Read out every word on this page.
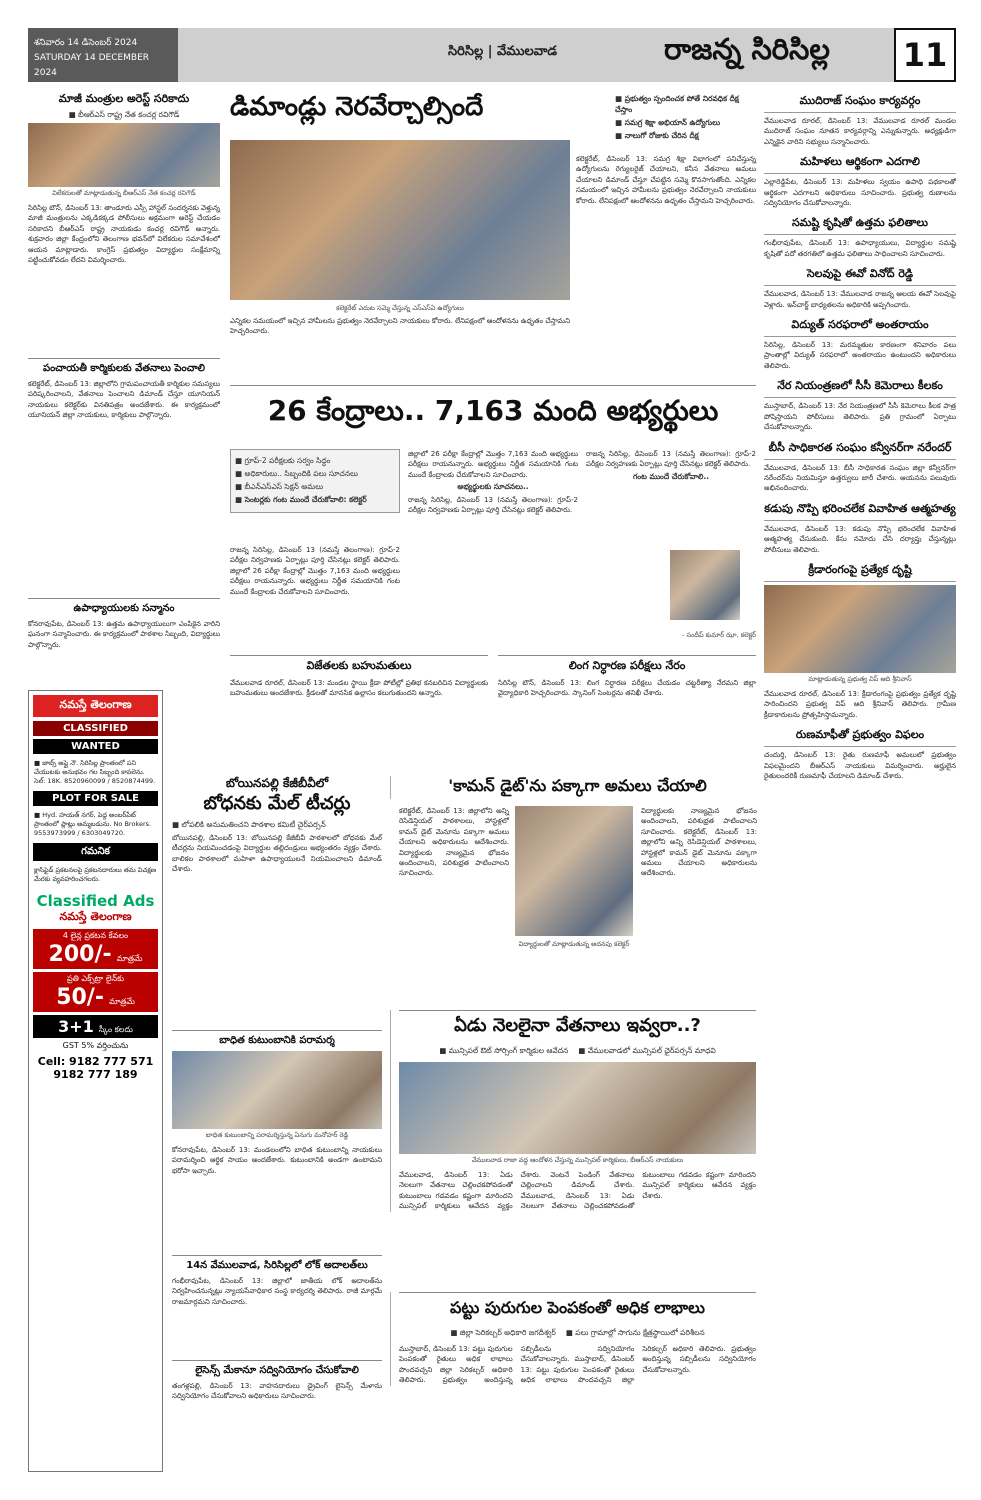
శనివారం 14 డిసెంబర్ 2024
SATURDAY 14 DECEMBER 2024
సిరిసిల్ల | వేములవాడ	రాజన్న సిరిసిల్ల 11
మాజీ మంత్రుల అరెస్ట్ సరికాదు
■ బీఆర్ఎస్ రాష్ట్ర నేత కంచర్ల రవిగౌడ్
విలేకరులతో మాట్లాడుతున్న బీఆర్ఎస్ నేత కంచర్ల రవిగౌడ్
సిరిసిల్ల టౌన్, డిసెంబర్ 13: తాండూరు ఎస్సీ హాస్టల్ సందర్శనకు వెళ్తున్న మాజీ మంత్రులను ఎక్కడికక్కడ పోలీసులు అక్రమంగా అరెస్ట్ చేయడం సరికాదని బీఆర్ఎస్ రాష్ట్ర నాయకుడు కంచర్ల రవిగౌడ్ అన్నారు.శుక్రవారం జిల్లా కేంద్రంలోని తెలంగాణ భవన్‌లో విలేకరుల సమావేశంలో ఆయన మాట్లాడారు. కాంగ్రెస్ ప్రభుత్వం విద్యార్థుల సంక్షేమాన్ని పట్టించుకోవడం లేదని విమర్శించారు.
పంచాయతీ కార్మికులకు వేతనాలు పెంచాలి
కలెక్టరేట్, డిసెంబర్ 13: జిల్లాలోని గ్రామపంచాయతీ కార్మికుల సమస్యలు పరిష్కరించాలని, వేతనాలు పెంచాలని డిమాండ్ చేస్తూ యూనియన్ నాయకులు కలెక్టర్‌కు వినతిపత్రం అందజేశారు. ఈ కార్యక్రమంలో యూనియన్ జిల్లా నాయకులు, కార్మికులు పాల్గొన్నారు.
ఉపాధ్యాయులకు సన్మానం
కోనరావుపేట, డిసెంబర్ 13: ఉత్తమ ఉపాధ్యాయులుగా ఎంపికైన వారిని ఘనంగా సన్మానించారు. ఈ కార్యక్రమంలో పాఠశాల సిబ్బంది, విద్యార్థులు పాల్గొన్నారు.
డిమాండ్లు నెరవేర్చాల్సిందే	■ ప్రభుత్వం స్పందించక పోతే నిరవధిక దీక్ష చేస్తాం
■ సమగ్ర శిక్షా అభియాన్ ఉద్యోగులు
■ నాలుగో రోజుకు చేరిన దీక్ష
కలెక్టరేట్ ఎదుట సమ్మె చేస్తున్న ఎస్ఎస్ఏ ఉద్యోగులు
కలెక్టరేట్, డిసెంబర్ 13: సమగ్ర శిక్షా విభాగంలో పనిచేస్తున్న ఉద్యోగులను రెగ్యులరైజ్ చేయాలని, కనీస వేతనాలు అమలు చేయాలని డిమాండ్ చేస్తూ చేపట్టిన సమ్మె కొనసాగుతోంది. ఎన్నికల సమయంలో ఇచ్చిన హామీలను ప్రభుత్వం నెరవేర్చాలని నాయకులు కోరారు. లేనిపక్షంలో ఆందోళనను ఉధృతం చేస్తామని హెచ్చరించారు.
ఎన్నికల సమయంలో ఇచ్చిన హామీలను ప్రభుత్వం నెరవేర్చాలని నాయకులు కోరారు. లేనిపక్షంలో ఆందోళనను ఉధృతం చేస్తామని హెచ్చరించారు.
26 కేంద్రాలు.. 7,163 మంది అభ్యర్థులు
■ గ్రూప్-2 పరీక్షలకు సర్వం సిద్ధం
■ అధికారులు.. సిబ్బందికి పలు సూచనలు
■ బీఎన్ఎస్ఎస్ సెక్షన్ అమలు
■ సెంటర్లకు గంట ముందే చేరుకోవాలి: కలెక్టర్
రాజన్న సిరిసిల్ల, డిసెంబర్ 13 (నమస్తే తెలంగాణ): గ్రూప్-2 పరీక్షల నిర్వహణకు ఏర్పాట్లు పూర్తి చేసినట్లు కలెక్టర్ తెలిపారు.జిల్లాలో 26 పరీక్షా కేంద్రాల్లో మొత్తం 7,163 మంది అభ్యర్థులు పరీక్షలు రాయనున్నారు. అభ్యర్థులు నిర్ణీత సమయానికి గంట ముందే కేంద్రాలకు చేరుకోవాలని సూచించారు.
జిల్లాలో 26 పరీక్షా కేంద్రాల్లో మొత్తం 7,163 మంది అభ్యర్థులు పరీక్షలు రాయనున్నారు. అభ్యర్థులు నిర్ణీత సమయానికి గంట ముందే కేంద్రాలకు చేరుకోవాలని సూచించారు.
అభ్యర్థులకు సూచనలు..
రాజన్న సిరిసిల్ల, డిసెంబర్ 13 (నమస్తే తెలంగాణ): గ్రూప్-2 పరీక్షల నిర్వహణకు ఏర్పాట్లు పూర్తి చేసినట్లు కలెక్టర్ తెలిపారు.
రాజన్న సిరిసిల్ల, డిసెంబర్ 13 (నమస్తే తెలంగాణ): గ్రూప్-2 పరీక్షల నిర్వహణకు ఏర్పాట్లు పూర్తి చేసినట్లు కలెక్టర్ తెలిపారు.
గంట ముందే చేరుకోవాలి..
- సందీప్ కుమార్ ఝా, కలెక్టర్
విజేతలకు బహుమతులు
వేములవాడ రూరల్, డిసెంబర్ 13: మండల స్థాయి క్రీడా పోటీల్లో ప్రతిభ కనబరిచిన విద్యార్థులకు బహుమతులు అందజేశారు. క్రీడలతో మానసిక ఉల్లాసం కలుగుతుందని అన్నారు.
లింగ నిర్ధారణ పరీక్షలు నేరం
సిరిసిల్ల టౌన్, డిసెంబర్ 13: లింగ నిర్ధారణ పరీక్షలు చేయడం చట్టరీత్యా నేరమని జిల్లా వైద్యాధికారి హెచ్చరించారు. స్కానింగ్ సెంటర్లను తనిఖీ చేశారు.
నమస్తే తెలంగాణ
CLASSIFIED
WANTED
■ జాబ్స్ అప్లై నౌ. సిరిసిల్ల ప్రాంతంలో పని చేయుటకు అనుభవం గల సిబ్బంది కావలెను. సెల్: 18K. 8520960099 / 8520874499.
PLOT FOR SALE
■ Hyd. హయత్ నగర్, పెద్ద అంబర్‌పేట్ ప్రాంతంలో ప్లాట్లు అమ్మబడును. No Brokers. 9553973999 / 6303049720.
గమనిక
క్లాసిఫైడ్ ప్రకటనలపై ప్రకటనదారులు తమ విచక్షణ మేరకు వ్యవహరించగలరు.
Classified Ads
నమస్తే తెలంగాణ
4 లైన్ల ప్రకటన కేవలం
200/- మాత్రమే
ప్రతి ఎక్స్‌ట్రా లైన్‌కు
50/- మాత్రమే
3+1 స్కీం కలదు
GST 5% వర్తించును
Cell: 9182 777 571
9182 777 189
బోయినపల్లి కేజీబీవీలో
బోధనకు మేల్ టీచర్లు
■ లోపలికి అనుమతించని పాఠశాల కమిటీ చైర్‌పర్సన్
బోయినపల్లి, డిసెంబర్ 13: బోయినపల్లి కేజీబీవీ పాఠశాలలో బోధనకు మేల్ టీచర్లను నియమించడంపై విద్యార్థుల తల్లిదండ్రులు అభ్యంతరం వ్యక్తం చేశారు.బాలికల పాఠశాలలో మహిళా ఉపాధ్యాయులనే నియమించాలని డిమాండ్ చేశారు.
బాధిత కుటుంబానికి పరామర్శ
బాధిత కుటుంబాన్ని పరామర్శిస్తున్న ఏనుగు మనోహర్ రెడ్డి
కోనరావుపేట, డిసెంబర్ 13: మండలంలోని బాధిత కుటుంబాన్ని నాయకులు పరామర్శించి ఆర్థిక సాయం అందజేశారు. కుటుంబానికి అండగా ఉంటామని భరోసా ఇచ్చారు.
14న వేములవాడ, సిరిసిల్లలో లోక్ అదాలత్‌లు
గంభీరావుపేట, డిసెంబర్ 13: జిల్లాలో జాతీయ లోక్ అదాలత్‌ను నిర్వహించనున్నట్లు న్యాయసేవాధికార సంస్థ కార్యదర్శి తెలిపారు. రాజీ మార్గమే రాజమార్గమని సూచించారు.
లైసెన్స్ మేకానూ సద్వినియోగం చేసుకోవాలి
తంగళ్లపల్లి, డిసెంబర్ 13: వాహనదారులు డ్రైవింగ్ లైసెన్స్ మేళాను సద్వినియోగం చేసుకోవాలని అధికారులు సూచించారు.
'కామన్ డైట్'ను పక్కాగా అమలు చేయాలి
కలెక్టరేట్, డిసెంబర్ 13: జిల్లాలోని అన్ని రెసిడెన్షియల్ పాఠశాలలు, హాస్టళ్లలో కామన్ డైట్ మెనూను పక్కాగా అమలు చేయాలని అధికారులను ఆదేశించారు.విద్యార్థులకు నాణ్యమైన భోజనం అందించాలని, పరిశుభ్రత పాటించాలని సూచించారు.
విద్యార్థులతో మాట్లాడుతున్న అదనపు కలెక్టర్
విద్యార్థులకు నాణ్యమైన భోజనం అందించాలని, పరిశుభ్రత పాటించాలని సూచించారు. కలెక్టరేట్, డిసెంబర్ 13: జిల్లాలోని అన్ని రెసిడెన్షియల్ పాఠశాలలు, హాస్టళ్లలో కామన్ డైట్ మెనూను పక్కాగా అమలు చేయాలని అధికారులను ఆదేశించారు.
ఏడు నెలలైనా వేతనాలు ఇవ్వరా..?
■ మున్సిపల్ ఔట్ సోర్సింగ్ కార్మికుల ఆవేదన ■ వేములవాడలో మున్సిపల్ ఛైర్‌పర్సన్ మాధవి
వేములవాడ రాజా వద్ద ఆందోళన చేస్తున్న మున్సిపల్ కార్మికులు, బీఆర్ఎస్ నాయకులు
వేములవాడ, డిసెంబర్ 13: ఏడు నెలలుగా వేతనాలు చెల్లించకపోవడంతో కుటుంబాలు గడవడం కష్టంగా మారిందని మున్సిపల్ కార్మికులు ఆవేదన వ్యక్తం చేశారు. వెంటనే పెండింగ్ వేతనాలు చెల్లించాలని డిమాండ్ చేశారు.వేములవాడ, డిసెంబర్ 13: ఏడు నెలలుగా వేతనాలు చెల్లించకపోవడంతో కుటుంబాలు గడవడం కష్టంగా మారిందని మున్సిపల్ కార్మికులు ఆవేదన వ్యక్తం చేశారు.
పట్టు పురుగుల పెంపకంతో అధిక లాభాలు
■ జిల్లా సెరికల్చర్ అధికారి జగదీశ్వర్ ■ పలు గ్రామాల్లో సాగును క్షేత్రస్థాయిలో పరిశీలన
ముస్తాబాద్, డిసెంబర్ 13: పట్టు పురుగుల పెంపకంతో రైతులు అధిక లాభాలు పొందవచ్చని జిల్లా సెరికల్చర్ అధికారి తెలిపారు. ప్రభుత్వం అందిస్తున్న సబ్సిడీలను సద్వినియోగం చేసుకోవాలన్నారు. ముస్తాబాద్, డిసెంబర్ 13: పట్టు పురుగుల పెంపకంతో రైతులు అధిక లాభాలు పొందవచ్చని జిల్లా సెరికల్చర్ అధికారి తెలిపారు. ప్రభుత్వం అందిస్తున్న సబ్సిడీలను సద్వినియోగం చేసుకోవాలన్నారు.
ముదిరాజ్ సంఘం కార్యవర్గం
వేములవాడ రూరల్, డిసెంబర్ 13: వేములవాడ రూరల్ మండల ముదిరాజ్ సంఘం నూతన కార్యవర్గాన్ని ఎన్నుకున్నారు. అధ్యక్షుడిగా ఎన్నికైన వారిని సభ్యులు సన్మానించారు.
మహిళలు ఆర్థికంగా ఎదగాలి
ఎల్లారెడ్డిపేట, డిసెంబర్ 13: మహిళలు స్వయం ఉపాధి పథకాలతో ఆర్థికంగా ఎదగాలని అధికారులు సూచించారు. ప్రభుత్వ రుణాలను సద్వినియోగం చేసుకోవాలన్నారు.
సమష్టి కృషితో ఉత్తమ ఫలితాలు
గంభీరావుపేట, డిసెంబర్ 13: ఉపాధ్యాయులు, విద్యార్థుల సమష్టి కృషితో పదో తరగతిలో ఉత్తమ ఫలితాలు సాధించాలని సూచించారు.
సెలవుపై ఈవో వినోద్ రెడ్డి
వేములవాడ, డిసెంబర్ 13: వేములవాడ రాజన్న ఆలయ ఈవో సెలవుపై వెళ్లారు. ఇన్‌చార్జ్ బాధ్యతలను అధికారికి అప్పగించారు.
విద్యుత్ సరఫరాలో అంతరాయం
సిరిసిల్ల, డిసెంబర్ 13: మరమ్మతుల కారణంగా శనివారం పలు ప్రాంతాల్లో విద్యుత్ సరఫరాలో అంతరాయం ఉంటుందని అధికారులు తెలిపారు.
నేర నియంత్రణలో సీసీ కెమెరాలు కీలకం
ముస్తాబాద్, డిసెంబర్ 13: నేర నియంత్రణలో సీసీ కెమెరాలు కీలక పాత్ర పోషిస్తాయని పోలీసులు తెలిపారు. ప్రతి గ్రామంలో ఏర్పాటు చేసుకోవాలన్నారు.
బీసీ సాధికారత సంఘం కన్వీనర్‌గా నరేందర్
వేములవాడ, డిసెంబర్ 13: బీసీ సాధికారత సంఘం జిల్లా కన్వీనర్‌గా నరేందర్‌ను నియమిస్తూ ఉత్తర్వులు జారీ చేశారు. ఆయనను పలువురు అభినందించారు.
కడుపు నొప్పి భరించలేక వివాహిత ఆత్మహత్య
వేములవాడ, డిసెంబర్ 13: కడుపు నొప్పి భరించలేక వివాహిత ఆత్మహత్య చేసుకుంది. కేసు నమోదు చేసి దర్యాప్తు చేస్తున్నట్లు పోలీసులు తెలిపారు.
క్రీడారంగంపై ప్రత్యేక దృష్టి
మాట్లాడుతున్న ప్రభుత్వ విప్ ఆది శ్రీనివాస్
వేములవాడ రూరల్, డిసెంబర్ 13: క్రీడారంగంపై ప్రభుత్వం ప్రత్యేక దృష్టి సారించిందని ప్రభుత్వ విప్ ఆది శ్రీనివాస్ తెలిపారు. గ్రామీణ క్రీడాకారులను ప్రోత్సహిస్తామన్నారు.
రుణమాఫీతో ప్రభుత్వం విఫలం
చందుర్తి, డిసెంబర్ 13: రైతు రుణమాఫీ అమలులో ప్రభుత్వం విఫలమైందని బీఆర్ఎస్ నాయకులు విమర్శించారు. అర్హులైన రైతులందరికీ రుణమాఫీ చేయాలని డిమాండ్ చేశారు.
